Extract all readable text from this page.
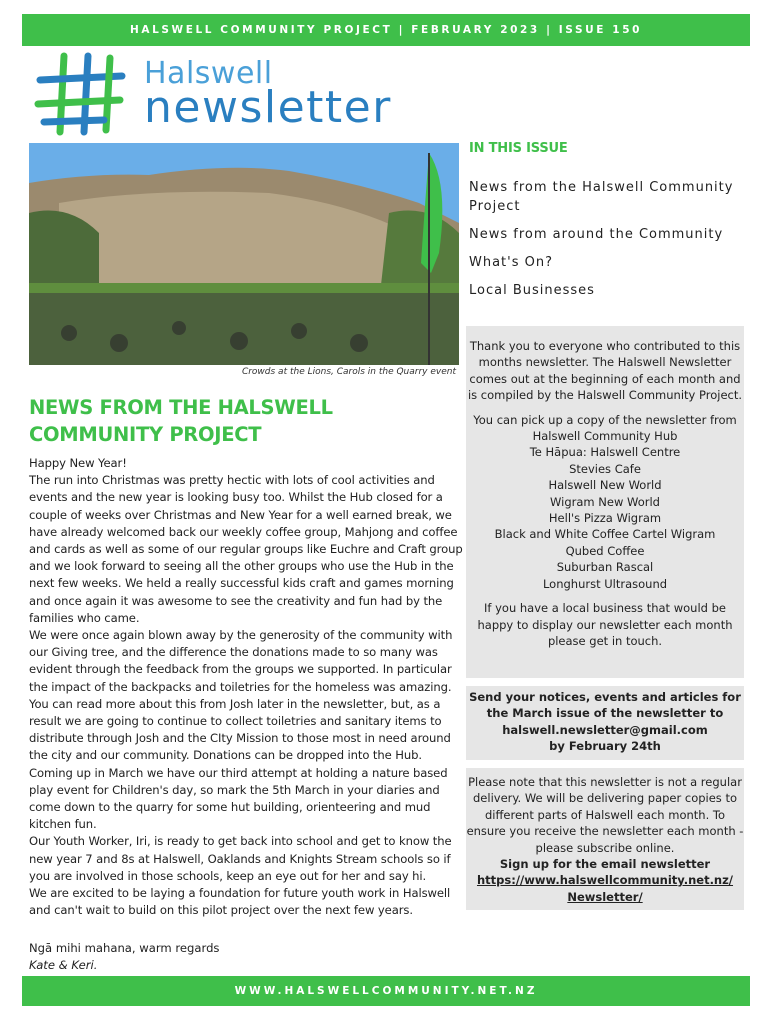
HALSWELL COMMUNITY PROJECT | FEBRUARY 2023 | ISSUE 150
Halswell
newsletter
Crowds at the Lions, Carols in the Quarry event
NEWS FROM THE HALSWELL
COMMUNITY PROJECT

Happy New Year!

The run into Christmas was pretty hectic with lots of cool activities and events and the new year is looking busy too. Whilst the Hub closed for a couple of weeks over Christmas and New Year for a well earned break, we have already welcomed back our weekly coffee group, Mahjong and coffee and cards as well as some of our regular groups like Euchre and Craft group and we look forward to seeing all the other groups who use the Hub in the next few weeks. We held a really successful kids craft and games morning and once again it was awesome to see the creativity and fun had by the families who came.

We were once again blown away by the generosity of the community with our Giving tree, and the difference the donations made to so many was evident through the feedback from the groups we supported. In particular the impact of the backpacks and toiletries for the homeless was amazing. You can read more about this from Josh later in the newsletter, but, as a result we are going to continue to collect toiletries and sanitary items to distribute through Josh and the CIty Mission to those most in need around the city and our community. Donations can be dropped into the Hub.

Coming up in March we have our third attempt at holding a nature based play event for Children's day, so mark the 5th March in your diaries and come down to the quarry for some hut building, orienteering and mud kitchen fun.

Our Youth Worker, Iri, is ready to get back into school and get to know the new year 7 and 8s at Halswell, Oaklands and Knights Stream schools so if you are involved in those schools, keep an eye out for her and say hi.

We are excited to be laying a foundation for future youth work in Halswell and can't wait to build on this pilot project over the next few years.

Ngā mihi mahana, warm regards
Kate & Keri.
IN THIS ISSUE
News from the Halswell Community Project
News from around the Community
What's On?
Local Businesses

Thank you to everyone who contributed to this months newsletter. The Halswell Newsletter comes out at the beginning of each month and is compiled by the Halswell Community Project.

You can pick up a copy of the newsletter from

Halswell Community Hub

Te Hāpua: Halswell Centre

Stevies Cafe

Halswell New World

Wigram New World

Hell's Pizza Wigram

Black and White Coffee Cartel Wigram

Qubed Coffee

Suburban Rascal

Longhurst Ultrasound

If you have a local business that would be happy to display our newsletter each month please get in touch.

Send your notices, events and articles for the March issue of the newsletter to

halswell.newsletter@gmail.com

by February 24th

Please note that this newsletter is not a regular delivery. We will be delivering paper copies to different parts of Halswell each month. To ensure you receive the newsletter each month - please subscribe online.

Sign up for the email newsletter

https://www.halswellcommunity.net.nz/Newsletter/

WWW.HALSWELLCOMMUNITY.NET.NZ
